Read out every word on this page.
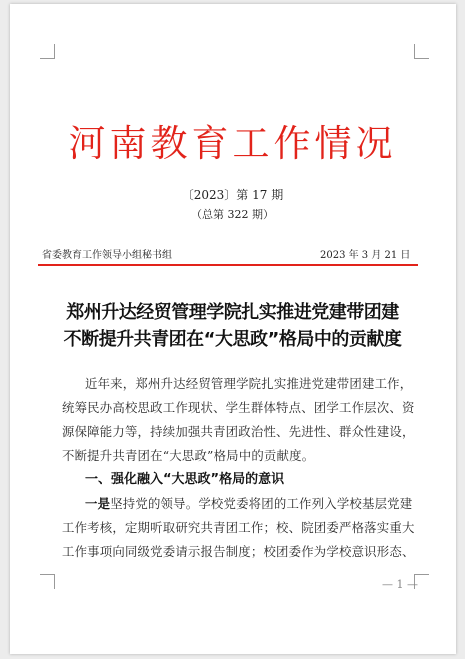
河南教育工作情况
〔2023〕第 17 期
（总第 322 期）
省委教育工作领导小组秘书组	2023 年 3 月 21 日
郑州升达经贸管理学院扎实推进党建带团建
不断提升共青团在“大思政”格局中的贡献度
近年来，郑州升达经贸管理学院扎实推进党建带团建工作，
统筹民办高校思政工作现状、学生群体特点、团学工作层次、资
源保障能力等，持续加强共青团政治性、先进性、群众性建设，
不断提升共青团在“大思政”格局中的贡献度。
一、强化融入“大思政”格局的意识
一是坚持党的领导。学校党委将团的工作列入学校基层党建
工作考核，定期听取研究共青团工作；校、院团委严格落实重大
工作事项向同级党委请示报告制度；校团委作为学校意识形态、
— 1 —
